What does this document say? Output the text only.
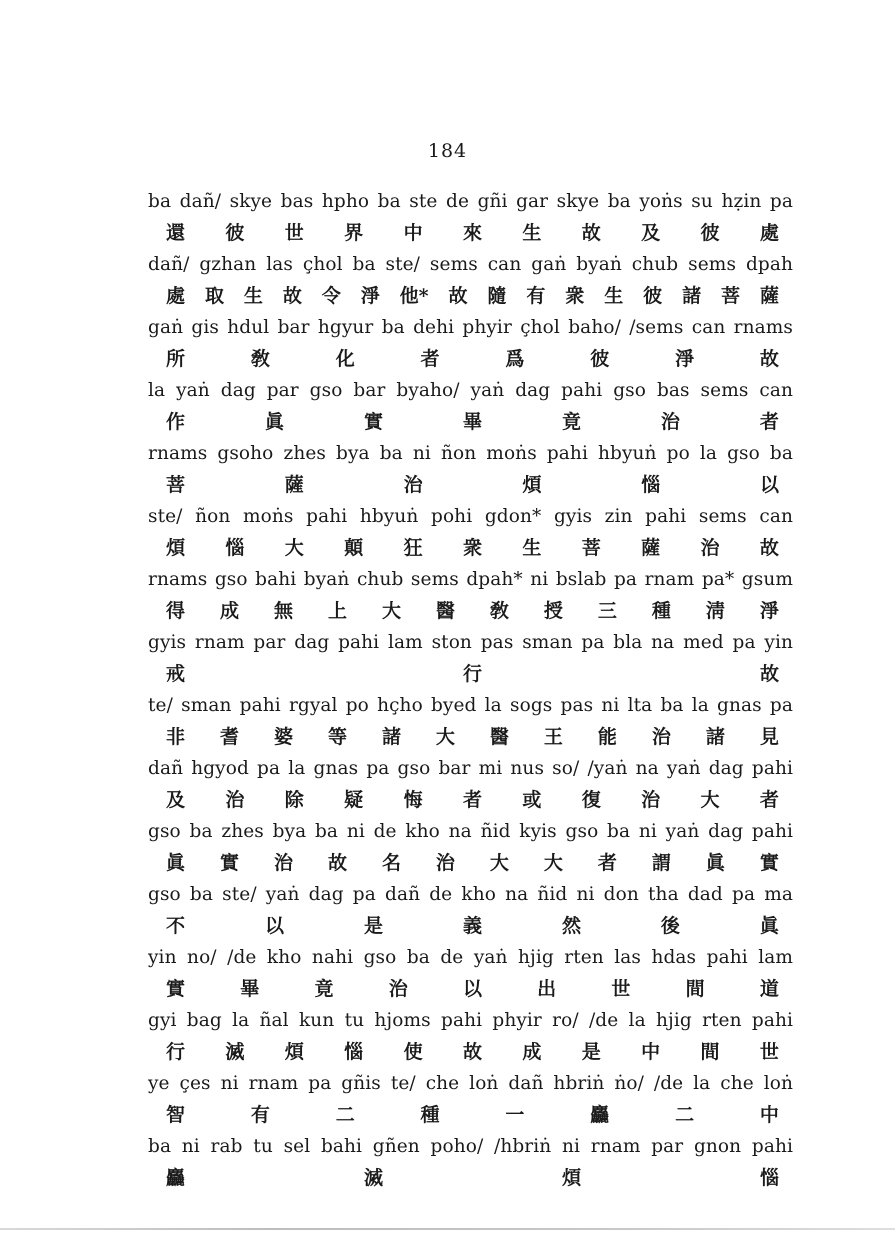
184
ba dañ/ skye bas hpho ba ste de gñi gar skye ba yoṅs su hẓin pa
還 彼 世 界 中 來 生 故 及 彼 處
dañ/ gzhan las çhol ba ste/ sems can gaṅ byaṅ chub sems dpah
處 取 生 故 令 淨 他* 故 隨 有 衆 生 彼 諸 菩 薩
gaṅ gis hdul bar hgyur ba dehi phyir çhol baho/ /sems can rnams
所	敎	化	者	爲	彼	淨	故
la yaṅ dag par gso bar byaho/ yaṅ dag pahi gso bas sems can
作	眞	實	畢	竟	治	者
rnams gsoho zhes bya ba ni ñon moṅs pahi hbyuṅ po la gso ba
菩	薩	治	煩	惱	以
ste/ ñon moṅs pahi hbyuṅ pohi gdon* gyis zin pahi sems can
煩 惱 大 顛 狂 衆 生 菩 薩 治 故
rnams gso bahi byaṅ chub sems dpah* ni bslab pa rnam pa* gsum
得 成 無 上 大 醫 敎 授 三 種 淸 淨
gyis rnam par dag pahi lam ston pas sman pa bla na med pa yin
戒	行	故
te/ sman pahi rgyal po hçho byed la sogs pas ni lta ba la gnas pa
非 耆 婆 等 諸 大 醫 王 能 治 諸 見
dañ hgyod pa la gnas pa gso bar mi nus so/ /yaṅ na yaṅ dag pahi
及 治 除 疑 悔 者 或 復 治 大 者
gso ba zhes bya ba ni de kho na ñid kyis gso ba ni yaṅ dag pahi
眞 實 治 故 名 治 大 大 者 謂 眞 實
gso ba ste/ yaṅ dag pa dañ de kho na ñid ni don tha dad pa ma
不	以	是	義	然	後	眞
yin no/ /de kho nahi gso ba de yaṅ hjig rten las hdas pahi lam
實	畢	竟	治	以	出	世	間	道
gyi bag la ñal kun tu hjoms pahi phyir ro/ /de la hjig rten pahi
行 滅 煩 惱 使 故 成 是 中 間 世
ye çes ni rnam pa gñis te/ che loṅ dañ hbriṅ ṅo/ /de la che loṅ
智	有	二	種	一	麤	二	中
ba ni rab tu sel bahi gñen poho/ /hbriṅ ni rnam par gnon pahi
麤	滅	煩	惱
